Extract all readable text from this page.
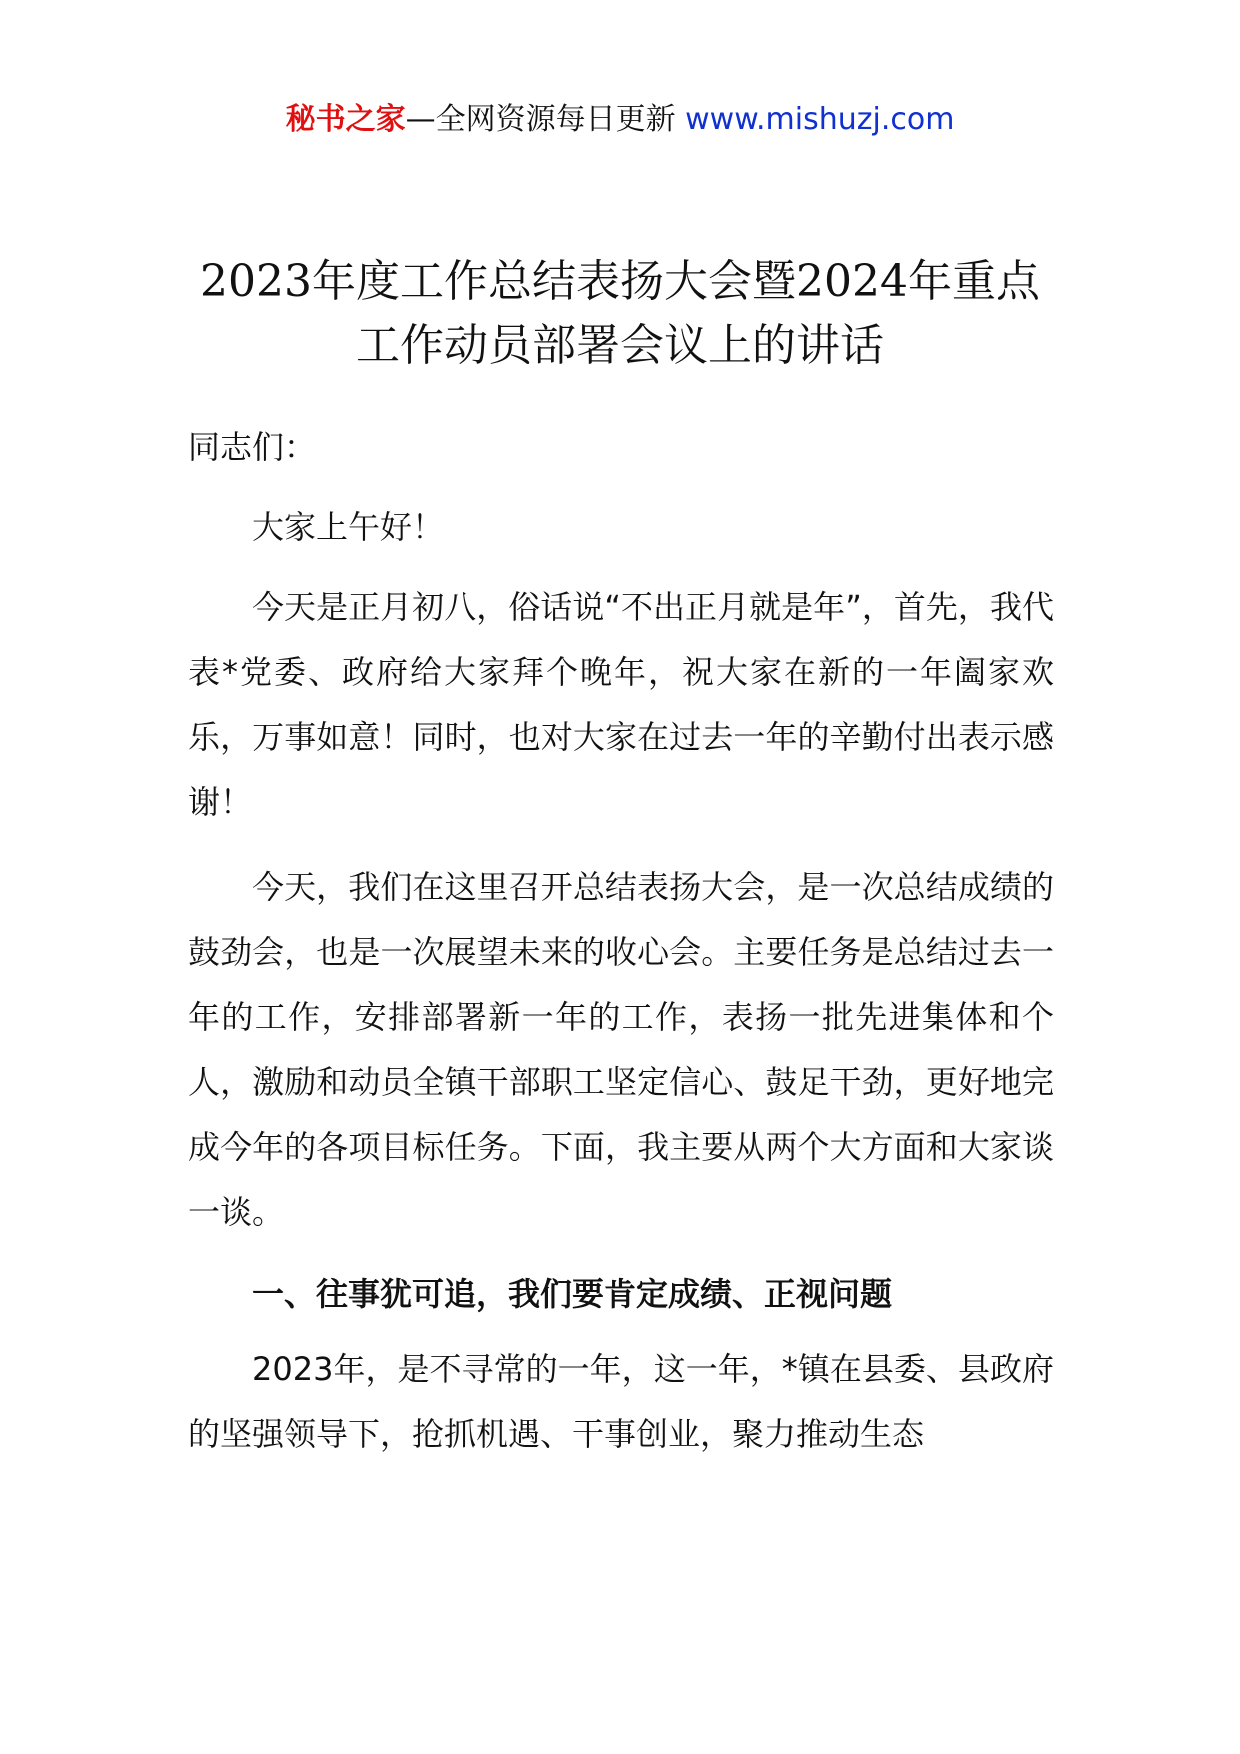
秘书之家—全网资源每日更新 www.mishuzj.com
2023年度工作总结表扬大会暨2024年重点
工作动员部署会议上的讲话
同志们：
大家上午好！
今天是正月初八，俗话说“不出正月就是年”，首先，我代表*党委、政府给大家拜个晚年，祝大家在新的一年阖家欢乐，万事如意！同时，也对大家在过去一年的辛勤付出表示感谢！
今天，我们在这里召开总结表扬大会，是一次总结成绩的鼓劲会，也是一次展望未来的收心会。主要任务是总结过去一年的工作，安排部署新一年的工作，表扬一批先进集体和个人，激励和动员全镇干部职工坚定信心、鼓足干劲，更好地完成今年的各项目标任务。下面，我主要从两个大方面和大家谈一谈。
一、往事犹可追，我们要肯定成绩、正视问题
2023年，是不寻常的一年，这一年，*镇在县委、县政府的坚强领导下，抢抓机遇、干事创业，聚力推动生态
